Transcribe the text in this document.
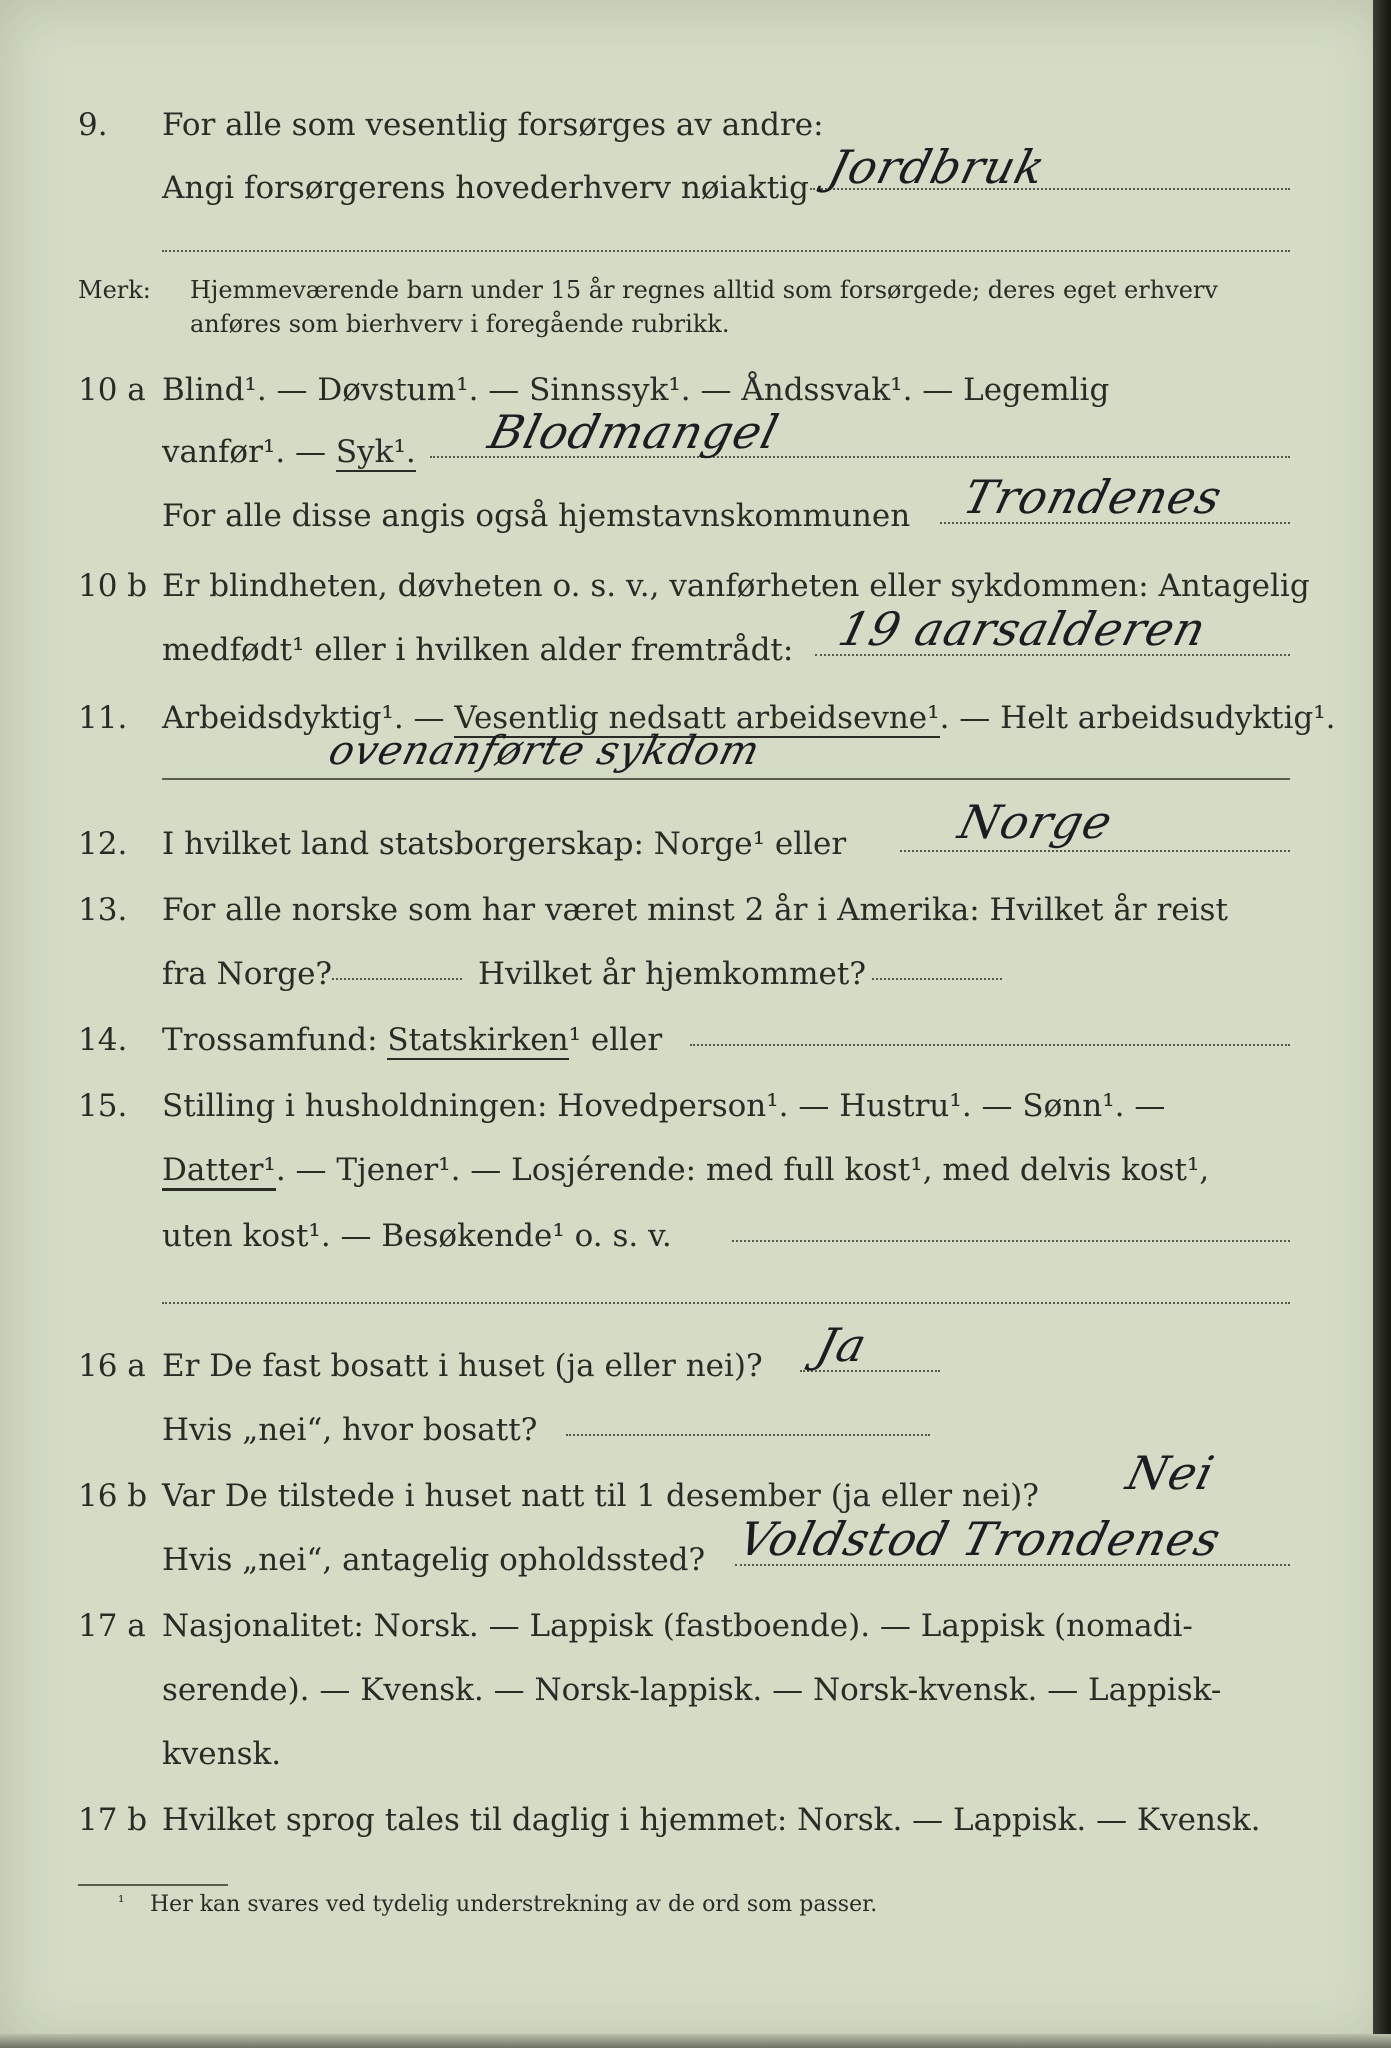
9. For alle som vesentlig forsørges av andre:
Angi forsørgerens hovederhverv nøiaktig Jordbruk
Merk: Hjemmeværende barn under 15 år regnes alltid som forsørgede; deres eget erhverv
anføres som bierhverv i foregående rubrikk.
10 a Blind¹. — Døvstum¹. — Sinnssyk¹. — Åndssvak¹. — Legemlig
vanfør¹. — Syk¹. Blodmangel
For alle disse angis også hjemstavnskommunen Trondenes
10 b Er blindheten, døvheten o. s. v., vanførheten eller sykdommen: Antagelig
medfødt¹ eller i hvilken alder fremtrådt: 19 aarsalderen
11. Arbeidsdyktig¹. — Vesentlig nedsatt arbeidsevne¹. — Helt arbeidsudyktig¹.
ovenanførte sykdom
12. I hvilket land statsborgerskap: Norge¹ eller Norge
13. For alle norske som har været minst 2 år i Amerika: Hvilket år reist
fra Norge?	Hvilket år hjemkommet?
14. Trossamfund: Statskirken¹ eller
15. Stilling i husholdningen: Hovedperson¹. — Hustru¹. — Sønn¹. —
Datter¹. — Tjener¹. — Losjérende: med full kost¹, med delvis kost¹,
uten kost¹. — Besøkende¹ o. s. v.
16 a Er De fast bosatt i huset (ja eller nei)? Ja
Hvis „nei“, hvor bosatt?
16 b Var De tilstede i huset natt til 1 desember (ja eller nei)? Nei
Hvis „nei“, antagelig opholdssted? Voldstod Trondenes
17 a Nasjonalitet: Norsk. — Lappisk (fastboende). — Lappisk (nomadi-
serende). — Kvensk. — Norsk-lappisk. — Norsk-kvensk. — Lappisk-
kvensk.
17 b Hvilket sprog tales til daglig i hjemmet: Norsk. — Lappisk. — Kvensk.
¹ Her kan svares ved tydelig understrekning av de ord som passer.
